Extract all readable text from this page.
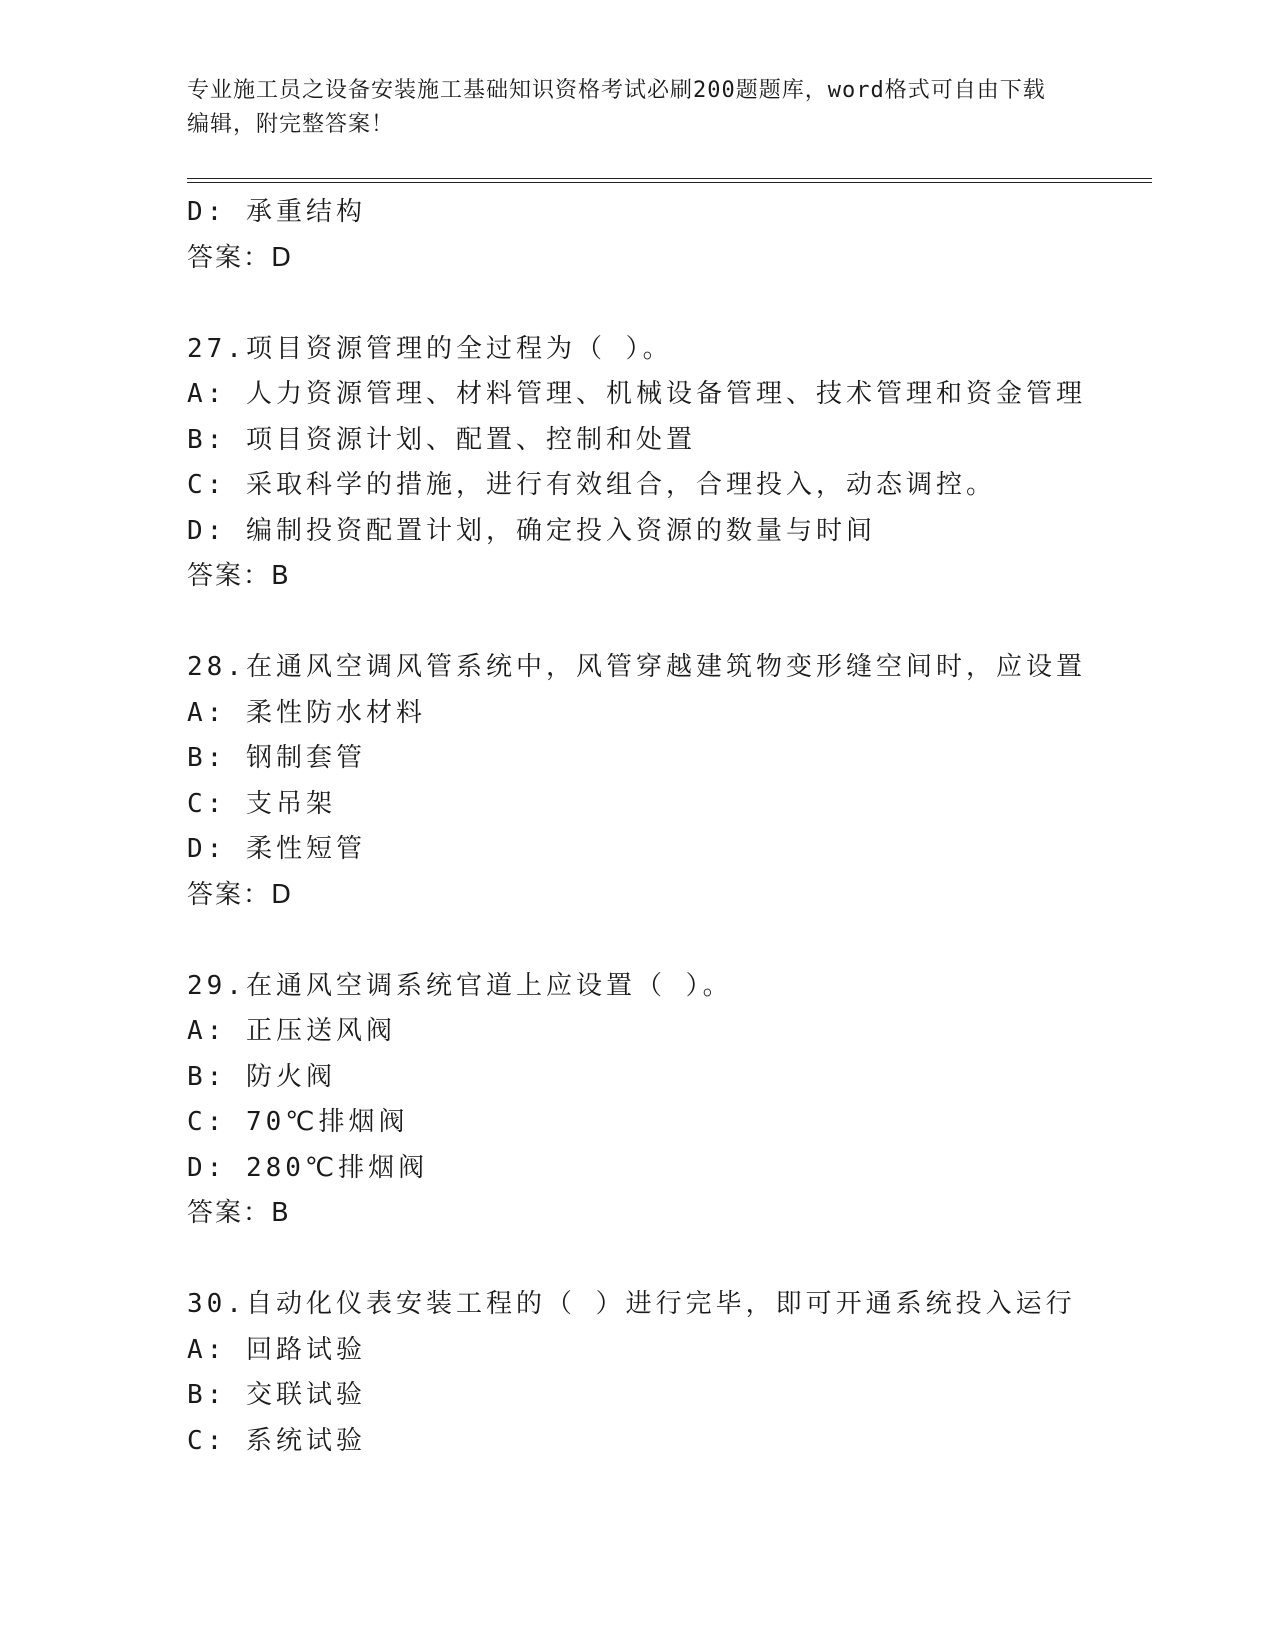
专业施工员之设备安装施工基础知识资格考试必刷200题题库，word格式可自由下载编辑，附完整答案！
D: 承重结构
答案：D
27.项目资源管理的全过程为（ ）。
A: 人力资源管理、材料管理、机械设备管理、技术管理和资金管理
B: 项目资源计划、配置、控制和处置
C: 采取科学的措施，进行有效组合，合理投入，动态调控。
D: 编制投资配置计划，确定投入资源的数量与时间
答案：B
28.在通风空调风管系统中，风管穿越建筑物变形缝空间时，应设置
A: 柔性防水材料
B: 钢制套管
C: 支吊架
D: 柔性短管
答案：D
29.在通风空调系统官道上应设置（ ）。
A: 正压送风阀
B: 防火阀
C: 70℃排烟阀
D: 280℃排烟阀
答案：B
30.自动化仪表安装工程的（ ）进行完毕，即可开通系统投入运行
A: 回路试验
B: 交联试验
C: 系统试验
